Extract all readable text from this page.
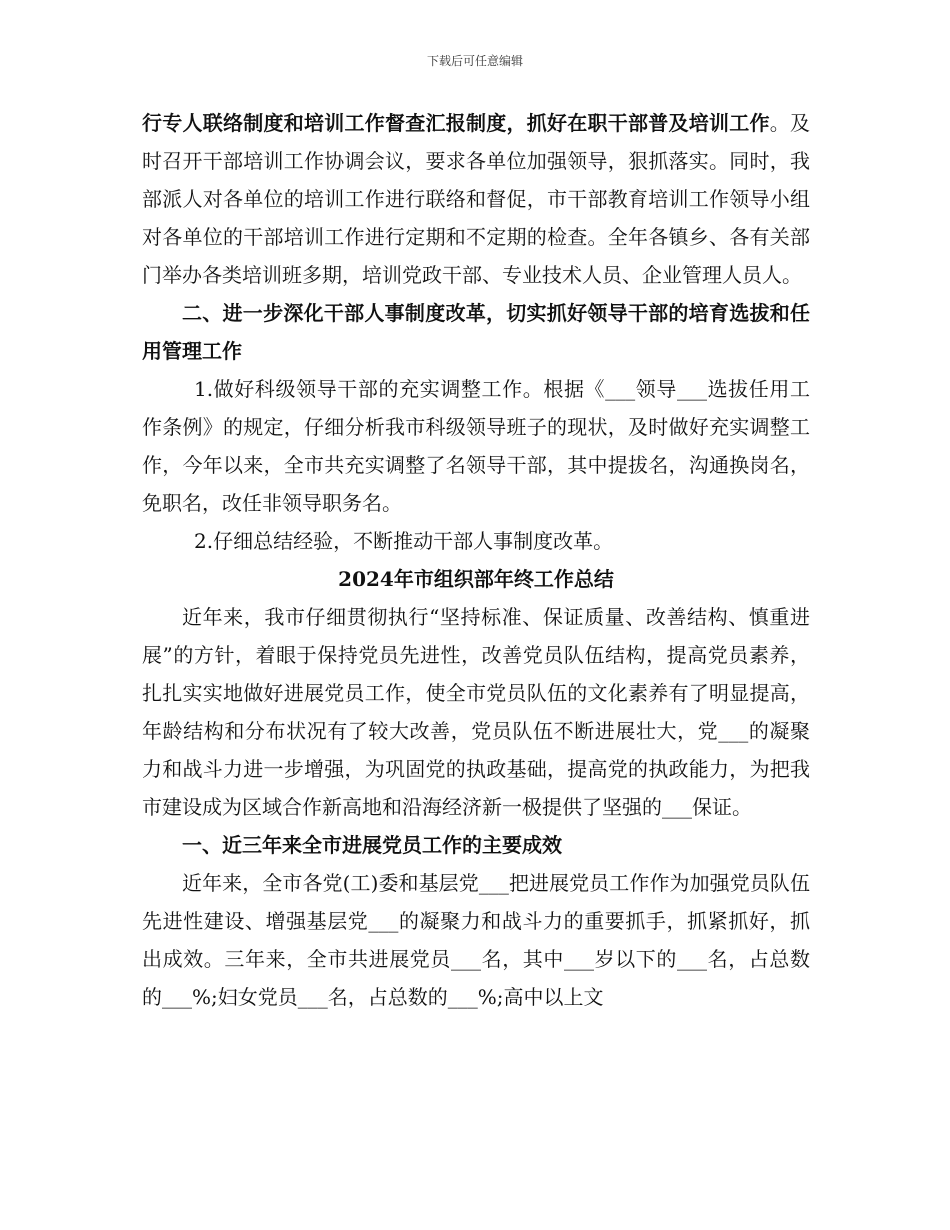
下载后可任意编辑

行专人联络制度和培训工作督查汇报制度，抓好在职干部普及培训工作。及时召开干部培训工作协调会议，要求各单位加强领导，狠抓落实。同时，我部派人对各单位的培训工作进行联络和督促，市干部教育培训工作领导小组对各单位的干部培训工作进行定期和不定期的检查。全年各镇乡、各有关部门举办各类培训班多期，培训党政干部、专业技术人员、企业管理人员人。

二、进一步深化干部人事制度改革，切实抓好领导干部的培育选拔和任用管理工作

1.做好科级领导干部的充实调整工作。根据《___领导___选拔任用工作条例》的规定，仔细分析我市科级领导班子的现状，及时做好充实调整工作，今年以来，全市共充实调整了名领导干部，其中提拔名，沟通换岗名，免职名，改任非领导职务名。

2.仔细总结经验，不断推动干部人事制度改革。

2024年市组织部年终工作总结

近年来，我市仔细贯彻执行“坚持标准、保证质量、改善结构、慎重进展”的方针，着眼于保持党员先进性，改善党员队伍结构，提高党员素养，扎扎实实地做好进展党员工作，使全市党员队伍的文化素养有了明显提高，年龄结构和分布状况有了较大改善，党员队伍不断进展壮大，党___的凝聚力和战斗力进一步增强，为巩固党的执政基础，提高党的执政能力，为把我市建设成为区域合作新高地和沿海经济新一极提供了坚强的___保证。

一、近三年来全市进展党员工作的主要成效

近年来，全市各党(工)委和基层党___把进展党员工作作为加强党员队伍先进性建设、增强基层党___的凝聚力和战斗力的重要抓手，抓紧抓好，抓出成效。三年来，全市共进展党员___名，其中___岁以下的___名，占总数的___%;妇女党员___名，占总数的___%;高中以上文
